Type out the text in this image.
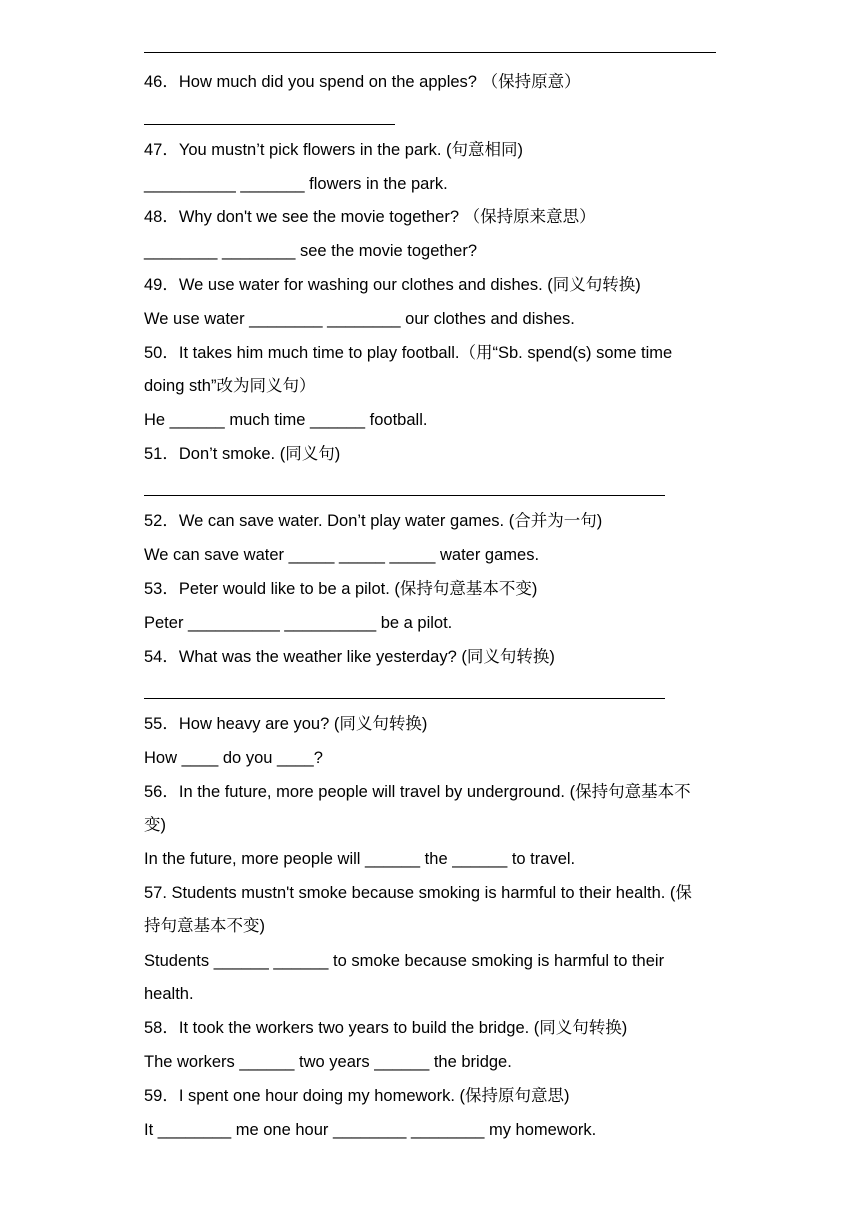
46．How much did you spend on the apples? （保持原意）
47．You mustn’t pick flowers in the park. (句意相同)
__________ _______ flowers in the park.
48．Why don't we see the movie together? （保持原来意思）
________ ________ see the movie together?
49．We use water for washing our clothes and dishes. (同义句转换)
We use water ________ ________ our clothes and dishes.
50．It takes him much time to play football.（用“Sb. spend(s) some time
doing sth”改为同义句）
He ______ much time ______ football.
51．Don’t smoke. (同义句)
52．We can save water. Don’t play water games. (合并为一句)
We can save water _____ _____ _____ water games.
53．Peter would like to be a pilot. (保持句意基本不变)
Peter __________ __________ be a pilot.
54．What was the weather like yesterday? (同义句转换)
55．How heavy are you? (同义句转换)
How ____ do you ____?
56．In the future, more people will travel by underground. (保持句意基本不
变)
In the future, more people will ______ the ______ to travel.
57. Students mustn't smoke because smoking is harmful to their health. (保
持句意基本不变)
Students ______ ______ to smoke because smoking is harmful to their
health.
58．It took the workers two years to build the bridge. (同义句转换)
The workers ______ two years ______ the bridge.
59．I spent one hour doing my homework. (保持原句意思)
It ________ me one hour ________ ________ my homework.
